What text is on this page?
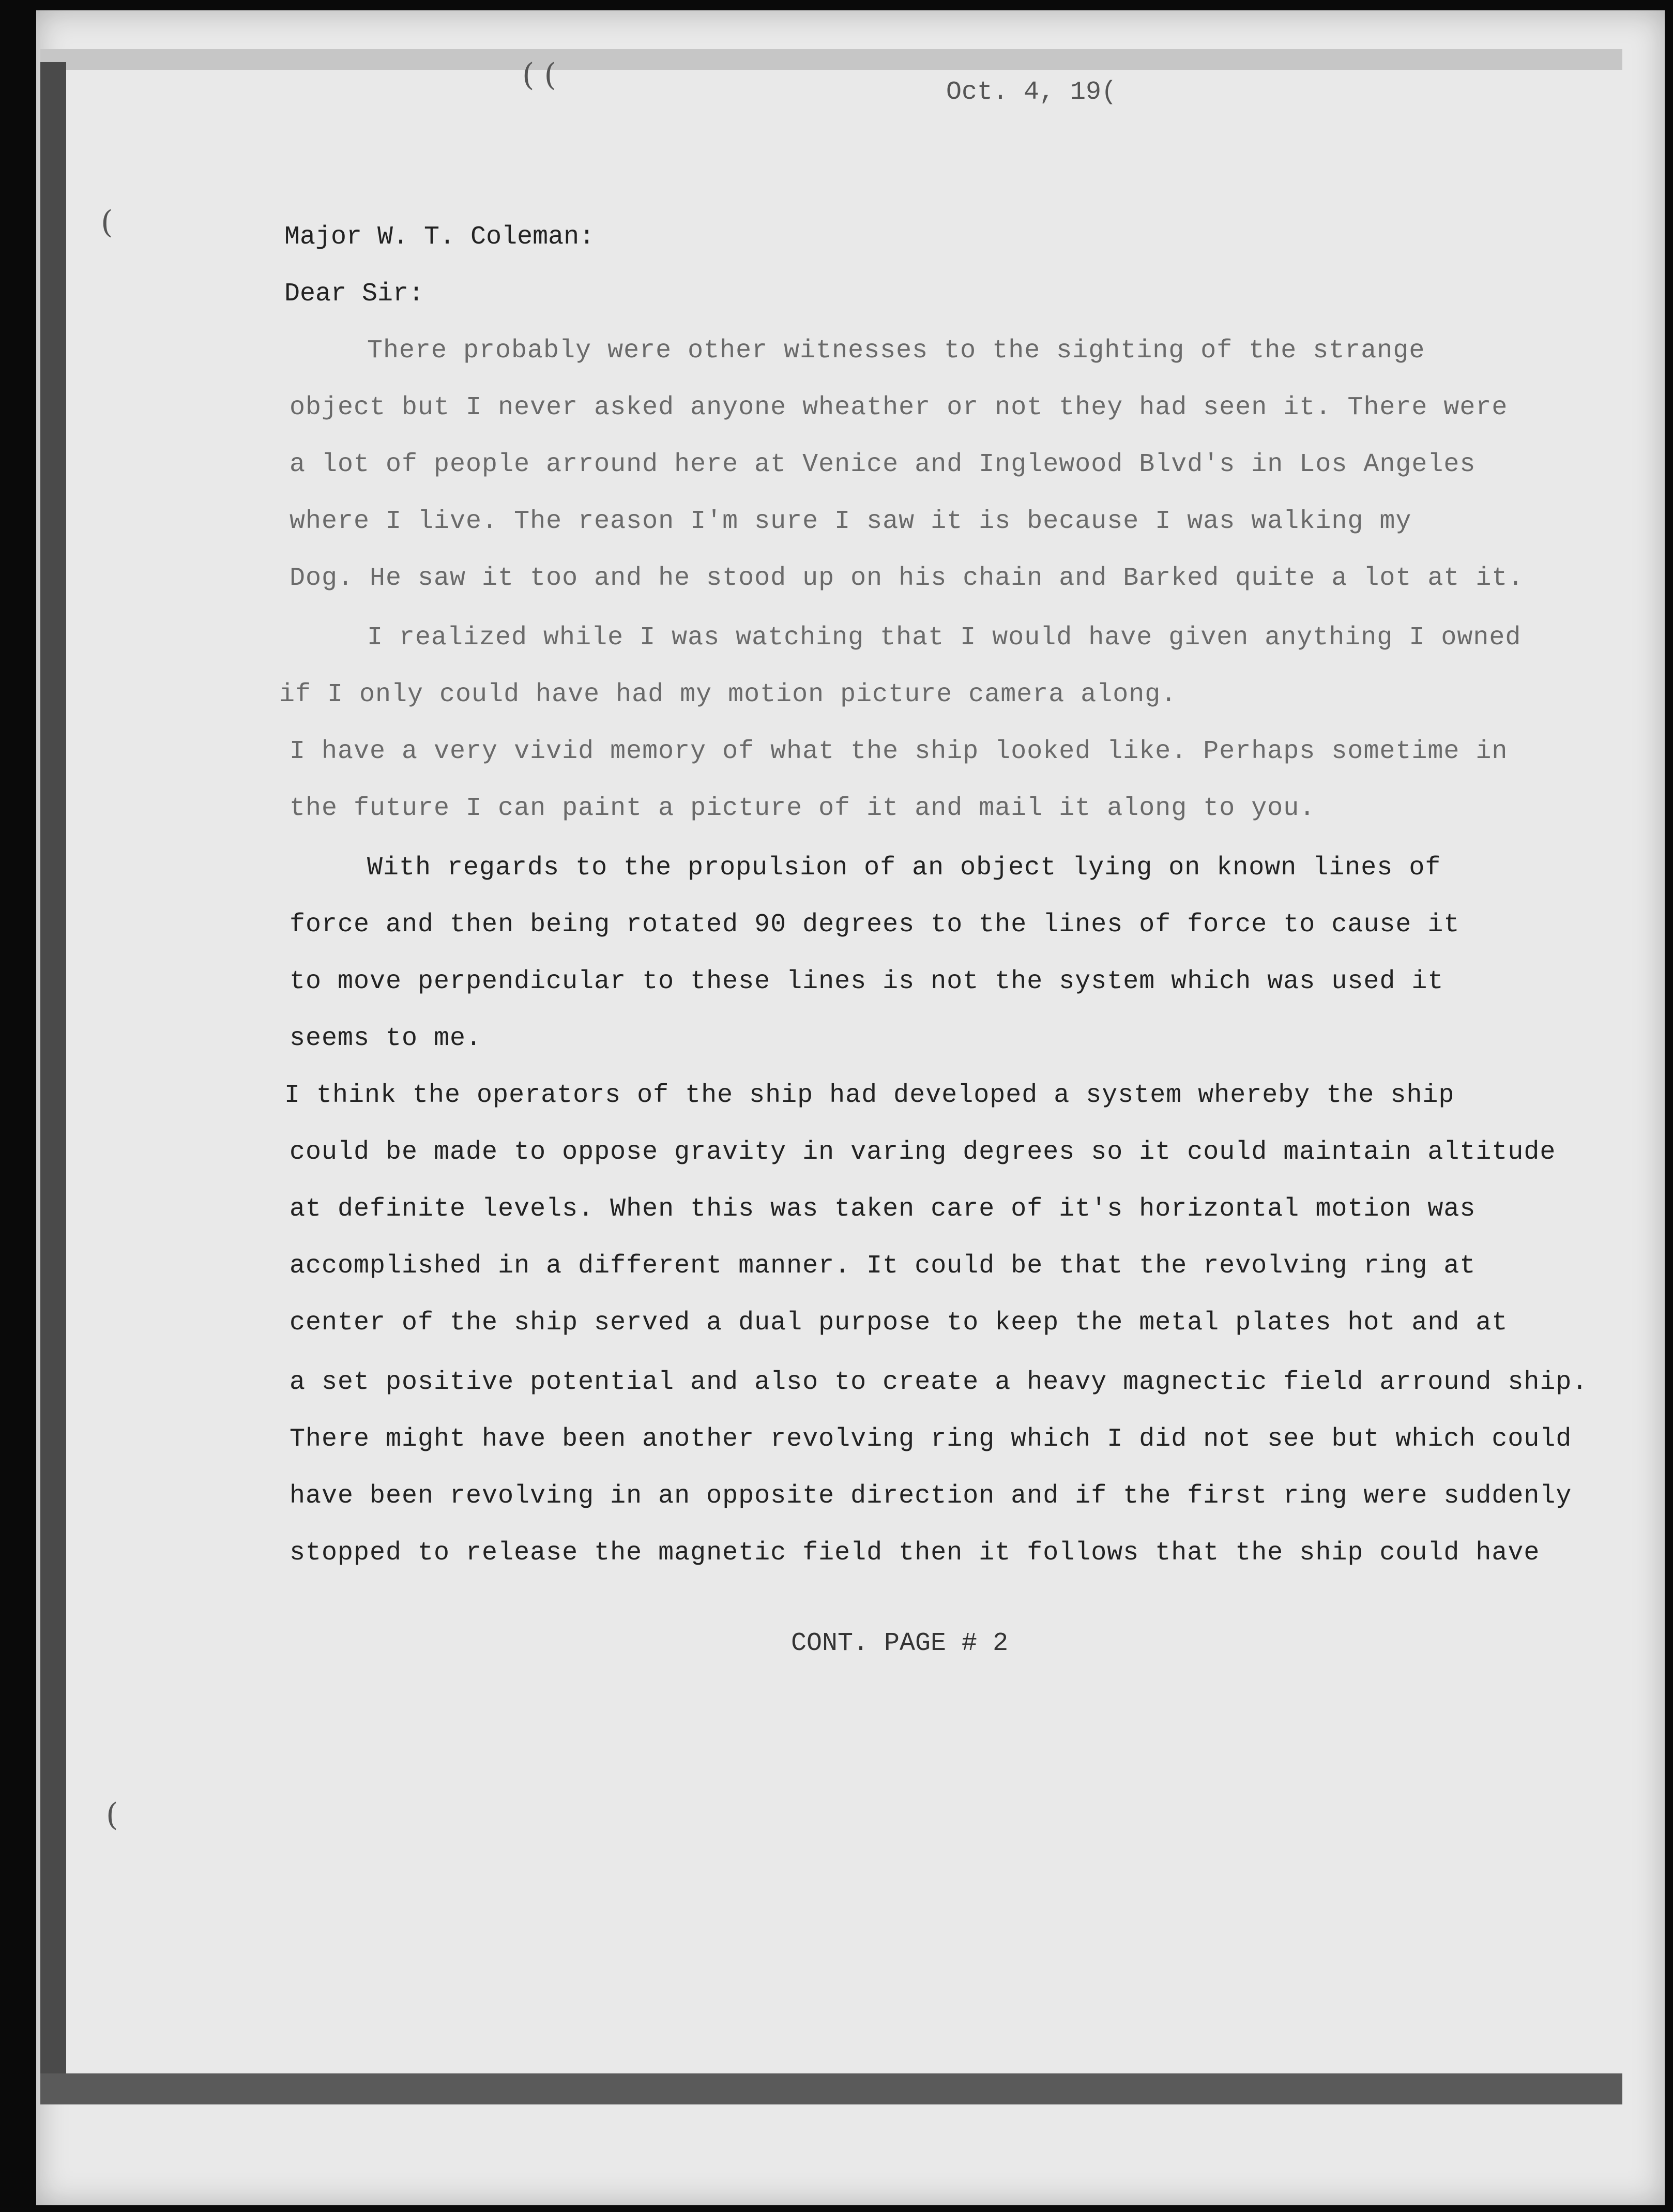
( (
(
(
Oct. 4, 19(
Major W. T. Coleman:
Dear Sir:
There probably were other witnesses to the sighting of the strange
object but I never asked anyone wheather or not they had seen it. There were
a lot of people arround here at Venice and Inglewood Blvd's in Los Angeles
where I live. The reason I'm sure I saw it is because I was walking my
Dog. He saw it too and he stood up on his chain and Barked quite a lot at it.
I realized while I was watching that I would have given anything I owned
if I only could have had my motion picture camera along.
I have a very vivid memory of what the ship looked like. Perhaps sometime in
the future I can paint a picture of it and mail it along to you.
With regards to the propulsion of an object lying on known lines of
force and then being rotated 90 degrees to the lines of force to cause it
to move perpendicular to these lines is not the system which was used it
seems to me.
I think the operators of the ship had developed a system whereby the ship
could be made to oppose gravity in varing degrees so it could maintain altitude
at definite levels. When this was taken care of it's horizontal motion was
accomplished in a different manner. It could be that the revolving ring at
center of the ship served a dual purpose to keep the metal plates hot and at
a set positive potential and also to create a heavy magnectic field arround ship.
There might have been another revolving ring which I did not see but which could
have been revolving in an opposite direction and if the first ring were suddenly
stopped to release the magnetic field then it follows that the ship could have
CONT. PAGE # 2
